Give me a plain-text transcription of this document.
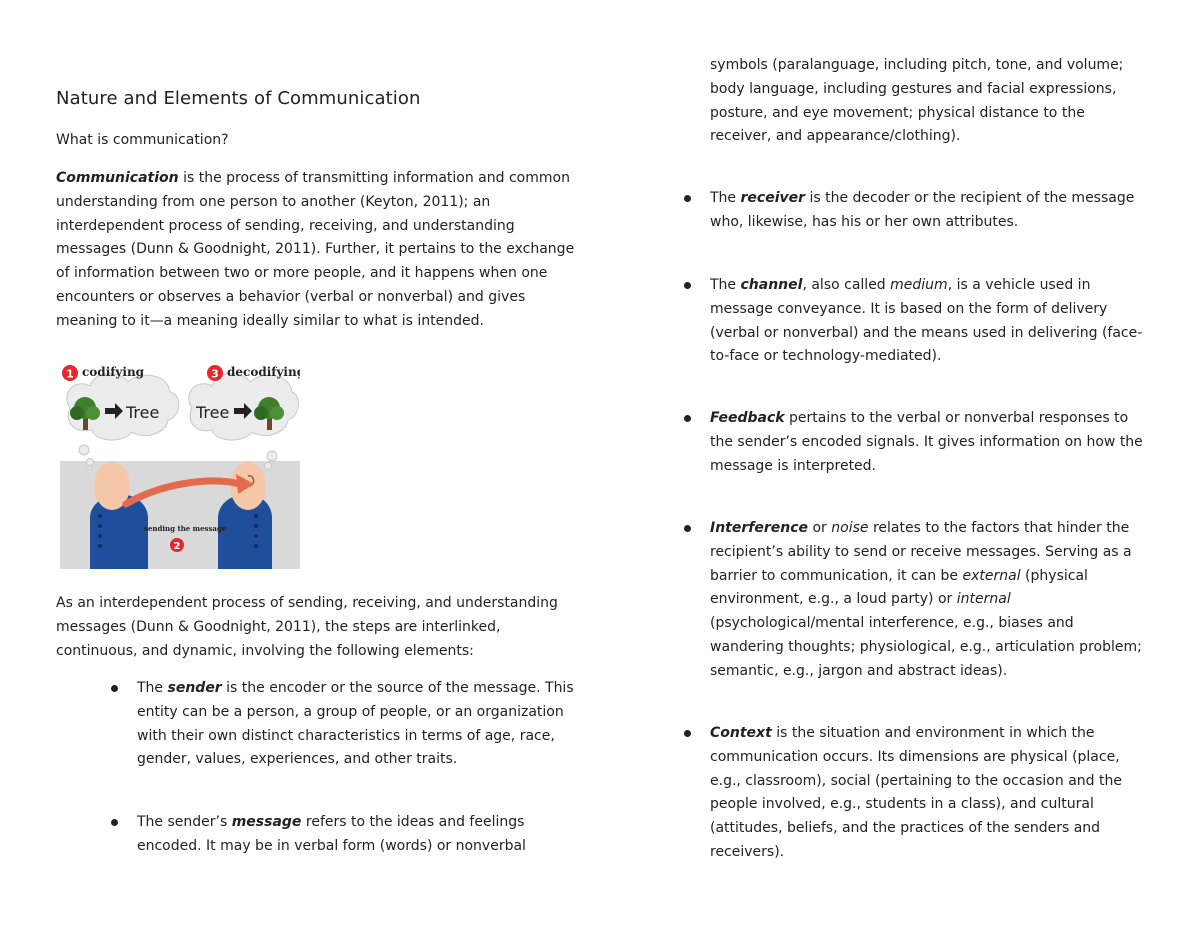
Nature and Elements of Communication
What is communication?

Communication is the process of transmitting information and common understanding from one person to another (Keyton, 2011); an interdependent process of sending, receiving, and understanding messages (Dunn & Goodnight, 2011). Further, it pertains to the exchange of information between two or more people, and it happens when one encounters or observes a behavior (verbal or nonverbal) and gives meaning to it—a meaning ideally similar to what is intended.

Tree Tree
1 codifying	3 decodifying
sending the message
2

As an interdependent process of sending, receiving, and understanding messages (Dunn & Goodnight, 2011), the steps are interlinked, continuous, and dynamic, involving the following elements:

The sender is the encoder or the source of the message. This entity can be a person, a group of people, or an organization with their own distinct characteristics in terms of age, race, gender, values, experiences, and other traits.
The sender’s message refers to the ideas and feelings encoded. It may be in verbal form (words) or nonverbal
symbols (paralanguage, including pitch, tone, and volume; body language, including gestures and facial expressions, posture, and eye movement; physical distance to the receiver, and appearance/clothing).
The receiver is the decoder or the recipient of the message who, likewise, has his or her own attributes.
The channel, also called medium, is a vehicle used in message conveyance. It is based on the form of delivery (verbal or nonverbal) and the means used in delivering (face-to-face or technology-mediated).
Feedback pertains to the verbal or nonverbal responses to the sender’s encoded signals. It gives information on how the message is interpreted.
Interference or noise relates to the factors that hinder the recipient’s ability to send or receive messages. Serving as a barrier to communication, it can be external (physical environment, e.g., a loud party) or internal (psychological/mental interference, e.g., biases and wandering thoughts; physiological, e.g., articulation problem; semantic, e.g., jargon and abstract ideas).
Context is the situation and environment in which the communication occurs. Its dimensions are physical (place, e.g., classroom), social (pertaining to the occasion and the people involved, e.g., students in a class), and cultural (attitudes, beliefs, and the practices of the senders and receivers).
